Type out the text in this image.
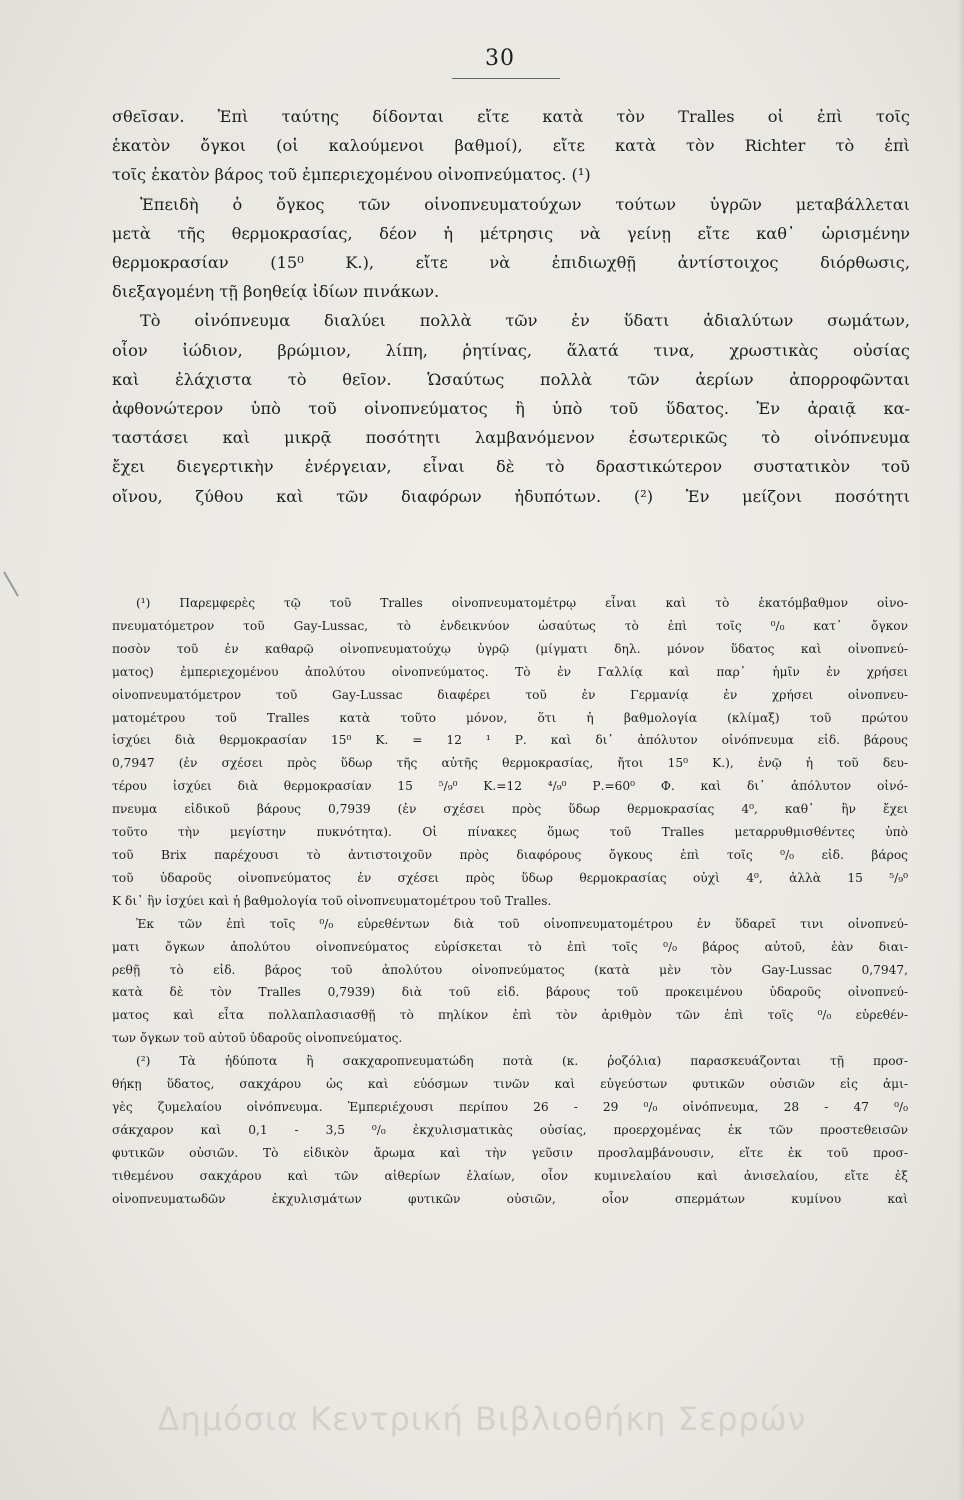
30
σθεῖσαν. Ἐπὶ ταύτης δίδονται εἴτε κατὰ τὸν Tralles οἱ ἐπὶ τοῖς
ἑκατὸν ὄγκοι (οἱ καλούμενοι βαθμοί), εἴτε κατὰ τὸν Richter τὸ ἐπὶ
τοῖς ἑκατὸν βάρος τοῦ ἐμπεριεχομένου οἰνοπνεύματος. (¹)
Ἐπειδὴ ὁ ὄγκος τῶν οἰνοπνευματούχων τούτων ὑγρῶν μεταβάλλεται
μετὰ τῆς θερμοκρασίας, δέον ἡ μέτρησις νὰ γείνῃ εἴτε καθ᾽ ὡρισμένην
θερμοκρασίαν (15⁰ Κ.), εἴτε νὰ ἐπιδιωχθῇ ἀντίστοιχος διόρθωσις,
διεξαγομένη τῇ βοηθείᾳ ἰδίων πινάκων.
Τὸ οἰνόπνευμα διαλύει πολλὰ τῶν ἐν ὕδατι ἀδιαλύτων σωμάτων,
οἷον ἰώδιον, βρώμιον, λίπη, ῥητίνας, ἅλατά τινα, χρωστικὰς οὐσίας
καὶ ἐλάχιστα τὸ θεῖον. Ὡσαύτως πολλὰ τῶν ἀερίων ἀπορροφῶνται
ἀφθονώτερον ὑπὸ τοῦ οἰνοπνεύματος ἢ ὑπὸ τοῦ ὕδατος. Ἐν ἀραιᾷ κα-
ταστάσει καὶ μικρᾷ ποσότητι λαμβανόμενον ἐσωτερικῶς τὸ οἰνόπνευμα
ἔχει διεγερτικὴν ἐνέργειαν, εἶναι δὲ τὸ δραστικώτερον συστατικὸν τοῦ
οἴνου, ζύθου καὶ τῶν διαφόρων ἡδυπότων. (²) Ἐν μείζονι ποσότητι
(¹) Παρεμφερὲς τῷ τοῦ Tralles οἰνοπνευματομέτρῳ εἶναι καὶ τὸ ἑκατόμβαθμον οἰνο-
πνευματόμετρον τοῦ Gay-Lussac, τὸ ἐνδεικνύον ὡσαύτως τὸ ἐπὶ τοῖς ⁰/₀ κατ᾽ ὄγκον
ποσὸν τοῦ ἐν καθαρῷ οἰνοπνευματούχῳ ὑγρῷ (μίγματι δηλ. μόνον ὕδατος καὶ οἰνοπνεύ-
ματος) ἐμπεριεχομένου ἀπολύτου οἰνοπνεύματος. Τὸ ἐν Γαλλίᾳ καὶ παρ᾽ ἡμῖν ἐν χρήσει
οἰνοπνευματόμετρον τοῦ Gay-Lussac διαφέρει τοῦ ἐν Γερμανίᾳ ἐν χρήσει οἰνοπνευ-
ματομέτρου τοῦ Tralles κατὰ τοῦτο μόνον, ὅτι ἡ βαθμολογία (κλίμαξ) τοῦ πρώτου
ἰσχύει διὰ θερμοκρασίαν 15⁰ Κ. = 12 ¹ Ρ. καὶ δι᾽ ἀπόλυτον οἰνόπνευμα εἰδ. βάρους
0,7947 (ἐν σχέσει πρὸς ὕδωρ τῆς αὐτῆς θερμοκρασίας, ἤτοι 15⁰ Κ.), ἐνῷ ἡ τοῦ δευ-
τέρου ἰσχύει διὰ θερμοκρασίαν 15 ⁵/₉⁰ Κ.=12 ⁴/₉⁰ Ρ.=60⁰ Φ. καὶ δι᾽ ἀπόλυτον οἰνό-
πνευμα εἰδικοῦ βάρους 0,7939 (ἐν σχέσει πρὸς ὕδωρ θερμοκρασίας 4⁰, καθ᾽ ἣν ἔχει
τοῦτο τὴν μεγίστην πυκνότητα). Οἱ πίνακες ὅμως τοῦ Tralles μεταρρυθμισθέντες ὑπὸ
τοῦ Brix παρέχουσι τὸ ἀντιστοιχοῦν πρὸς διαφόρους ὄγκους ἐπὶ τοῖς ⁰/₀ εἰδ. βάρος
τοῦ ὑδαροῦς οἰνοπνεύματος ἐν σχέσει πρὸς ὕδωρ θερμοκρασίας οὐχὶ 4⁰, ἀλλὰ 15 ⁵/₉⁰
Κ δι᾽ ἣν ἰσχύει καὶ ἡ βαθμολογία τοῦ οἰνοπνευματομέτρου τοῦ Tralles.
Ἐκ τῶν ἐπὶ τοῖς ⁰/₀ εὑρεθέντων διὰ τοῦ οἰνοπνευματομέτρου ἐν ὕδαρεῖ τινι οἰνοπνεύ-
ματι ὄγκων ἀπολύτου οἰνοπνεύματος εὑρίσκεται τὸ ἐπὶ τοῖς ⁰/₀ βάρος αὐτοῦ, ἐὰν διαι-
ρεθῇ τὸ εἰδ. βάρος τοῦ ἀπολύτου οἰνοπνεύματος (κατὰ μὲν τὸν Gay-Lussac 0,7947,
κατὰ δὲ τὸν Tralles 0,7939) διὰ τοῦ εἰδ. βάρους τοῦ προκειμένου ὑδαροῦς οἰνοπνεύ-
ματος καὶ εἶτα πολλαπλασιασθῇ τὸ πηλίκον ἐπὶ τὸν ἀριθμὸν τῶν ἐπὶ τοῖς ⁰/₀ εὑρεθέν-
των ὄγκων τοῦ αὐτοῦ ὑδαροῦς οἰνοπνεύματος.
(²) Τὰ ἡδύποτα ἢ σακχαροπνευματώδη ποτὰ (κ. ῥοζόλια) παρασκευάζονται τῇ προσ-
θήκῃ ὕδατος, σακχάρου ὡς καὶ εὐόσμων τινῶν καὶ εὐγεύστων φυτικῶν οὐσιῶν εἰς ἀμι-
γὲς ζυμελαίου οἰνόπνευμα. Ἐμπεριέχουσι περίπου 26 - 29 ⁰/₀ οἰνόπνευμα, 28 - 47 ⁰/₀
σάκχαρον καὶ 0,1 - 3,5 ⁰/₀ ἐκχυλισματικὰς οὐσίας, προερχομένας ἐκ τῶν προστεθεισῶν
φυτικῶν οὐσιῶν. Τὸ εἰδικὸν ἄρωμα καὶ τὴν γεῦσιν προσλαμβάνουσιν, εἴτε ἐκ τοῦ προσ-
τιθεμένου σακχάρου καὶ τῶν αἰθερίων ἐλαίων, οἷον κυμινελαίου καὶ ἀνισελαίου, εἴτε ἐξ
οἰνοπνευματωδῶν ἐκχυλισμάτων φυτικῶν οὐσιῶν, οἷον σπερμάτων κυμίνου καὶ
Δημόσια Κεντρική Βιβλιοθήκη Σερρών
